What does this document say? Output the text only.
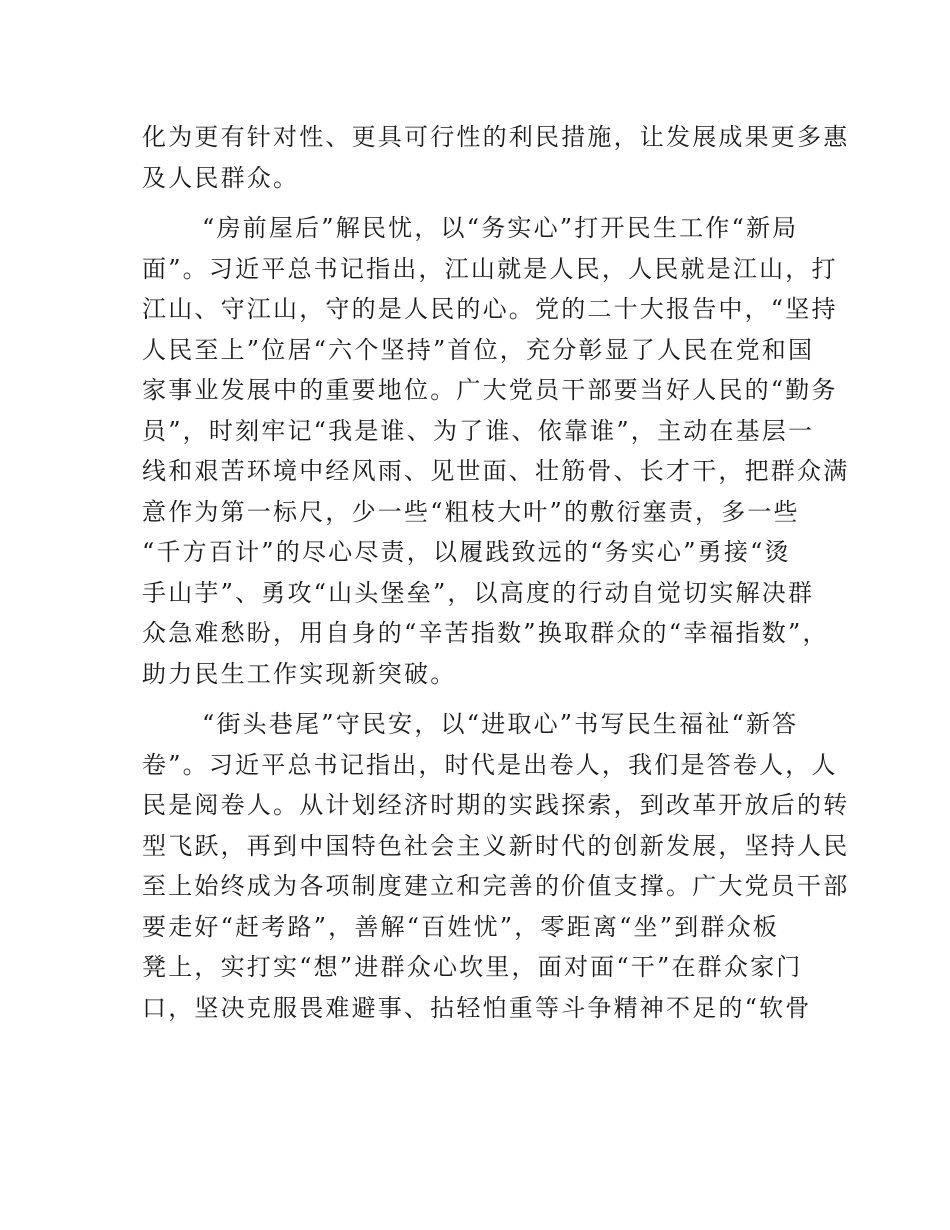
化为更有针对性、更具可行性的利民措施，让发展成果更多惠
及人民群众。
“房前屋后”解民忧，以“务实心”打开民生工作“新局
面”。习近平总书记指出，江山就是人民，人民就是江山，打
江山、守江山，守的是人民的心。党的二十大报告中，“坚持
人民至上”位居“六个坚持”首位，充分彰显了人民在党和国
家事业发展中的重要地位。广大党员干部要当好人民的“勤务
员”，时刻牢记“我是谁、为了谁、依靠谁”，主动在基层一
线和艰苦环境中经风雨、见世面、壮筋骨、长才干，把群众满
意作为第一标尺，少一些“粗枝大叶”的敷衍塞责，多一些
“千方百计”的尽心尽责，以履践致远的“务实心”勇接“烫
手山芋”、勇攻“山头堡垒”，以高度的行动自觉切实解决群
众急难愁盼，用自身的“辛苦指数”换取群众的“幸福指数”，
助力民生工作实现新突破。
“街头巷尾”守民安，以“进取心”书写民生福祉“新答
卷”。习近平总书记指出，时代是出卷人，我们是答卷人，人
民是阅卷人。从计划经济时期的实践探索，到改革开放后的转
型飞跃，再到中国特色社会主义新时代的创新发展，坚持人民
至上始终成为各项制度建立和完善的价值支撑。广大党员干部
要走好“赶考路”，善解“百姓忧”，零距离“坐”到群众板
凳上，实打实“想”进群众心坎里，面对面“干”在群众家门
口，坚决克服畏难避事、拈轻怕重等斗争精神不足的“软骨
